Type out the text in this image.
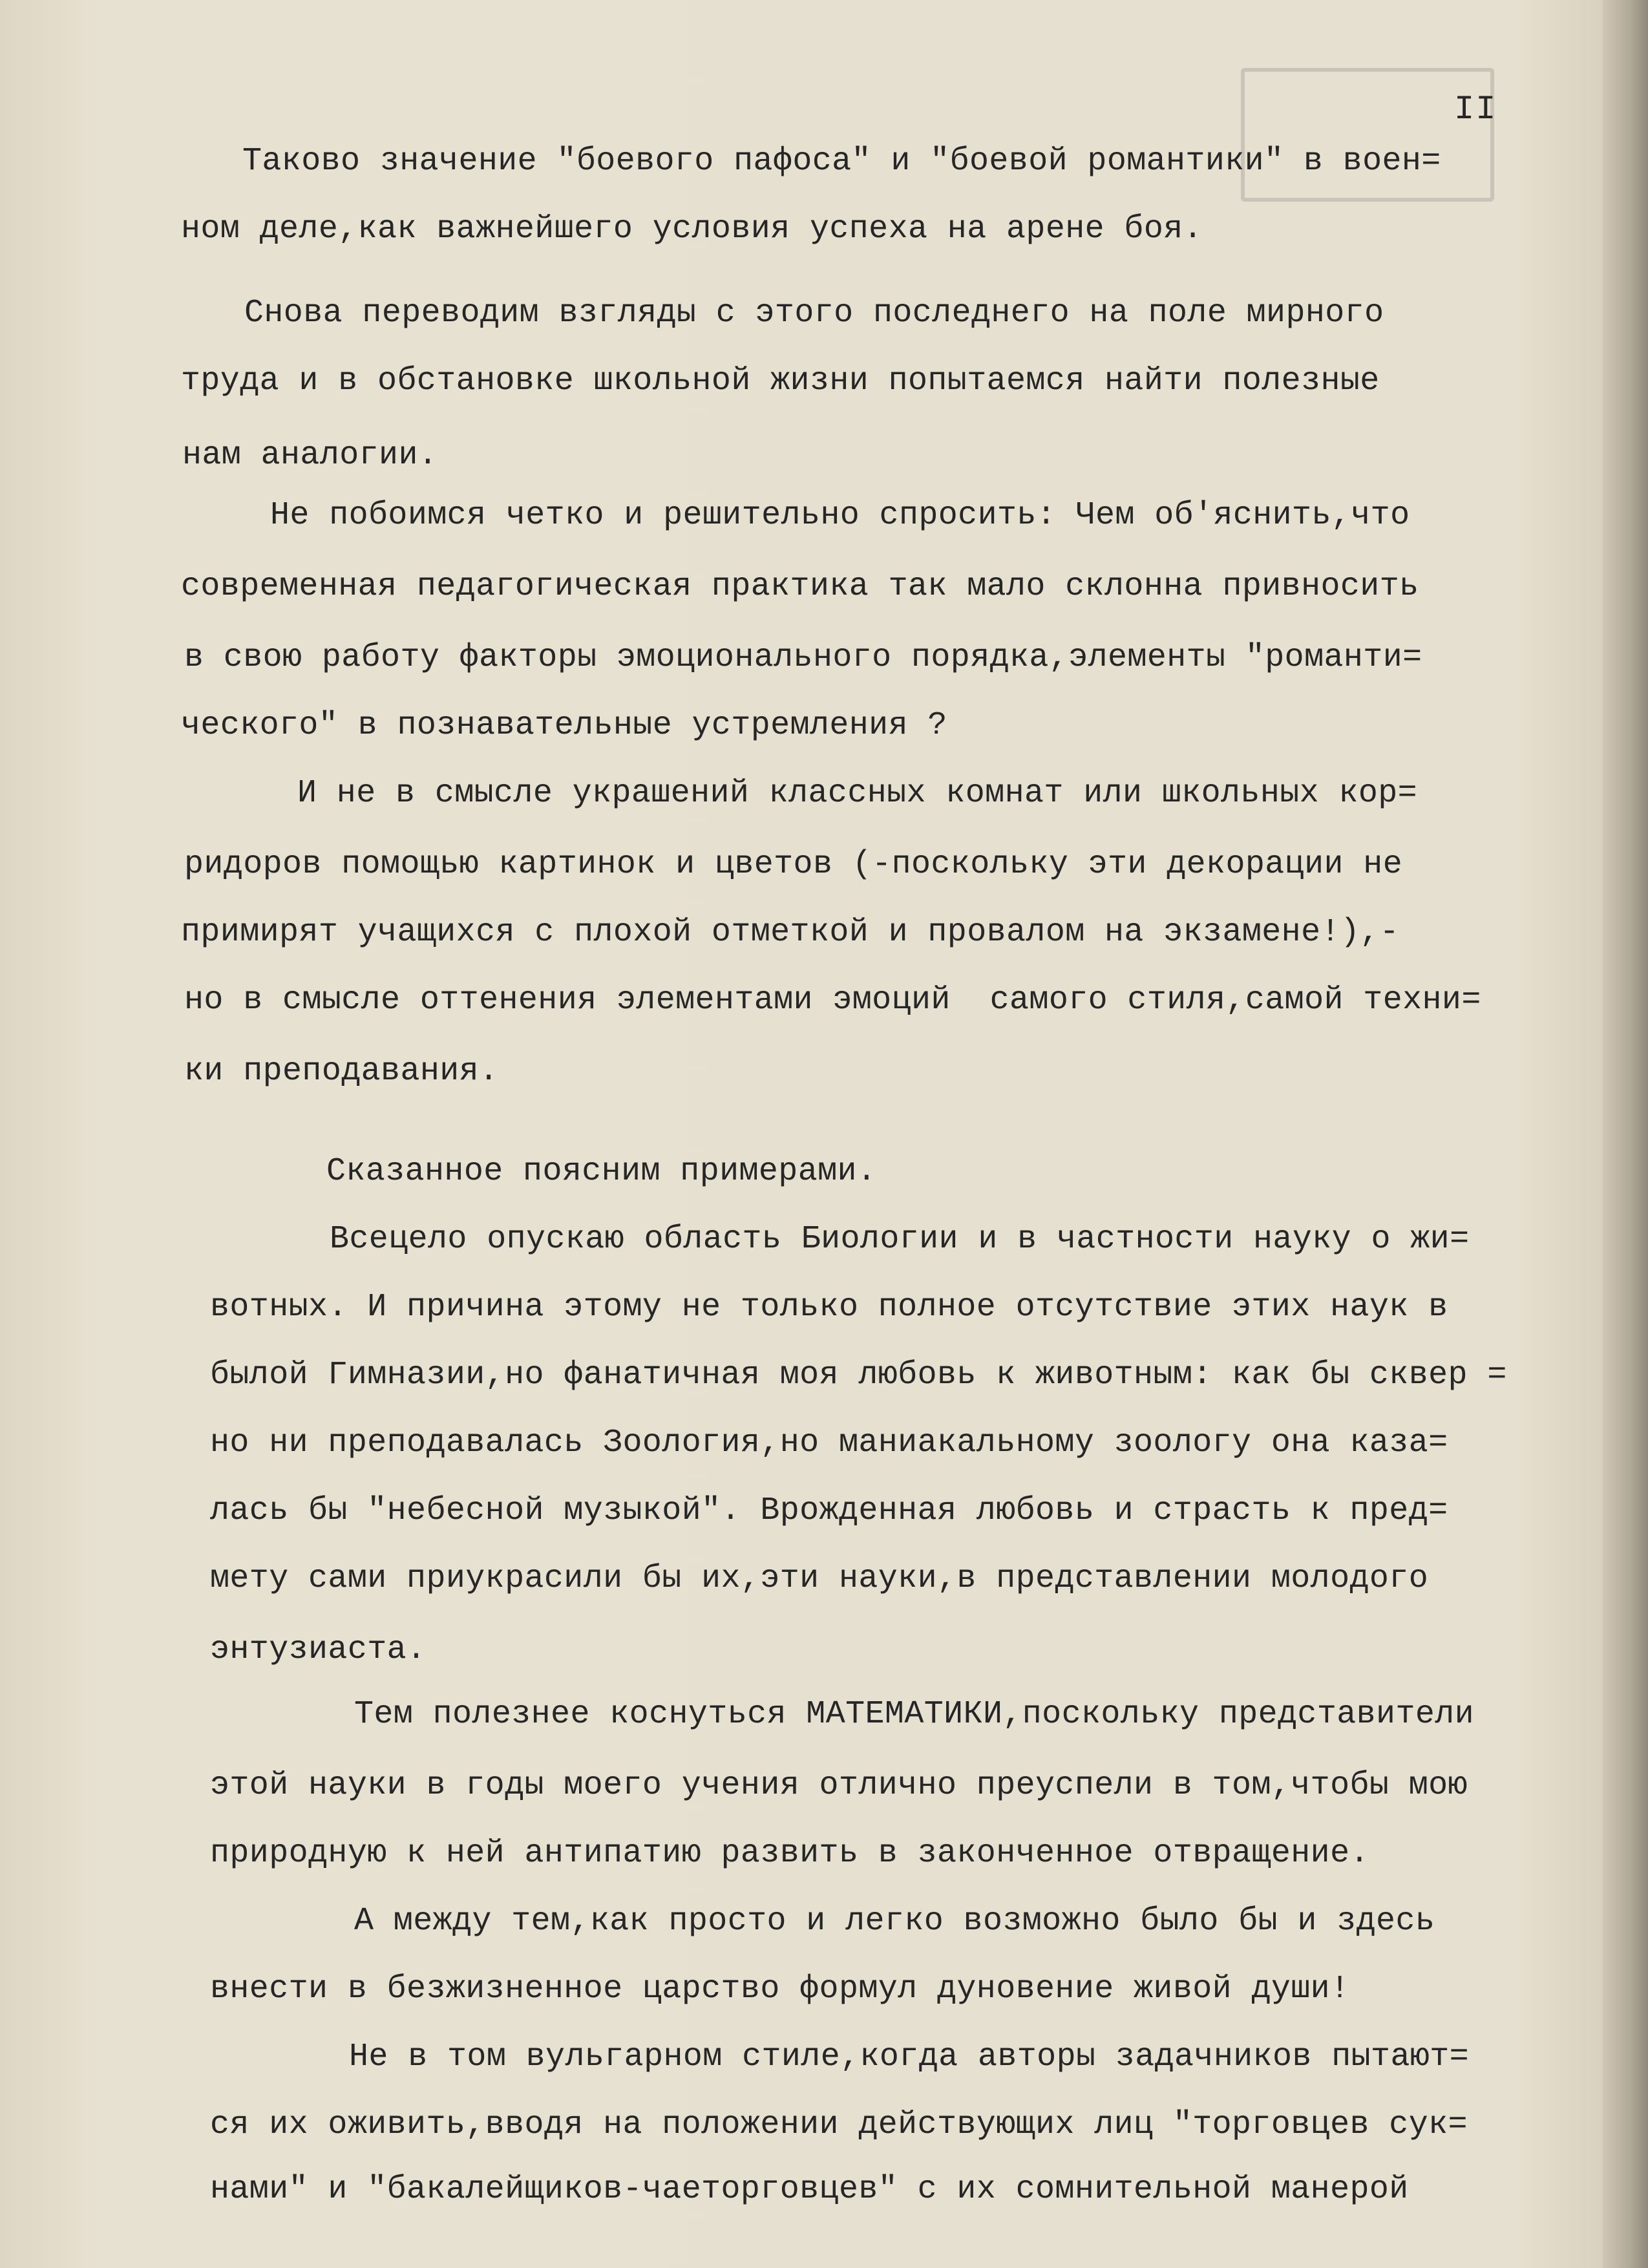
II
Таково значение "боевого пафоса" и "боевой романтики" в воен=
ном деле,как важнейшего условия успеха на арене боя.
Снова переводим взгляды с этого последнего на поле мирного
труда и в обстановке школьной жизни попытаемся найти полезные
нам аналогии.
Не побоимся четко и решительно спросить: Чем об'яснить,что
современная педагогическая практика так мало склонна привносить
в свою работу факторы эмоционального порядка,элементы "романти=
ческого" в познавательные устремления ?
И не в смысле украшений классных комнат или школьных кор=
ридоров помощью картинок и цветов (-поскольку эти декорации не
примирят учащихся с плохой отметкой и провалом на экзамене!),-
но в смысле оттенения элементами эмоций  самого стиля,самой техни=
ки преподавания.
Сказанное поясним примерами.
Всецело опускаю область Биологии и в частности науку о жи=
вотных. И причина этому не только полное отсутствие этих наук в
былой Гимназии,но фанатичная моя любовь к животным: как бы сквер =
но ни преподавалась Зоология,но маниакальному зоологу она каза=
лась бы "небесной музыкой". Врожденная любовь и страсть к пред=
мету сами приукрасили бы их,эти науки,в представлении молодого
энтузиаста.
Тем полезнее коснуться МАТЕМАТИКИ,поскольку представители
этой науки в годы моего учения отлично преуспели в том,чтобы мою
природную к ней антипатию развить в законченное отвращение.
А между тем,как просто и легко возможно было бы и здесь
внести в безжизненное царство формул дуновение живой души!
Не в том вульгарном стиле,когда авторы задачников пытают=
ся их оживить,вводя на положении действующих лиц "торговцев сук=
нами" и "бакалейщиков-чаеторговцев" с их сомнительной манерой
